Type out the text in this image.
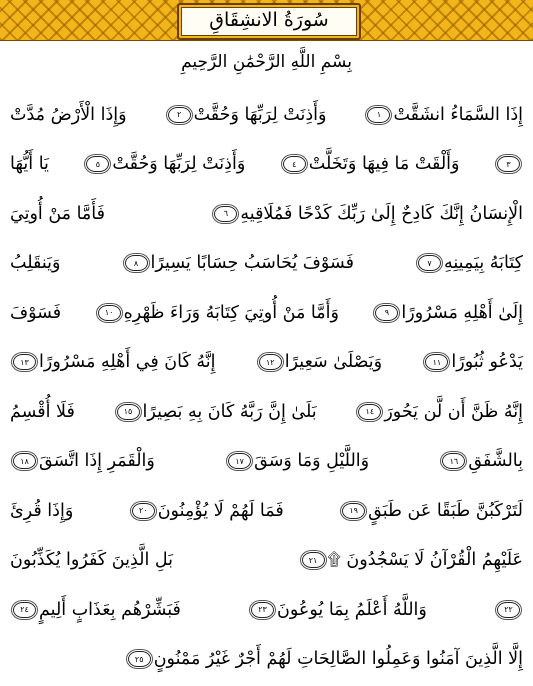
سُورَةُ الانشِقَاقِ
بِسْمِ اللَّهِ الرَّحْمَٰنِ الرَّحِيمِ
إِذَا السَّمَاءُ انشَقَّتْ١
وَأَذِنَتْ لِرَبِّهَا وَحُقَّتْ٢
وَإِذَا الْأَرْضُ مُدَّتْ
٣
وَأَلْقَتْ مَا فِيهَا وَتَخَلَّتْ٤
وَأَذِنَتْ لِرَبِّهَا وَحُقَّتْ٥
يَا أَيُّهَا
الْإِنسَانُ إِنَّكَ كَادِحٌ إِلَىٰ رَبِّكَ كَدْحًا فَمُلَاقِيهِ٦
فَأَمَّا مَنْ أُوتِيَ
كِتَابَهُ بِيَمِينِهِ٧
فَسَوْفَ يُحَاسَبُ حِسَابًا يَسِيرًا٨
وَيَنقَلِبُ
إِلَىٰ أَهْلِهِ مَسْرُورًا٩
وَأَمَّا مَنْ أُوتِيَ كِتَابَهُ وَرَاءَ ظَهْرِهِ١٠
فَسَوْفَ
يَدْعُو ثُبُورًا١١
وَيَصْلَىٰ سَعِيرًا١٢
إِنَّهُ كَانَ فِي أَهْلِهِ مَسْرُورًا١٣
إِنَّهُ ظَنَّ أَن لَّن يَحُورَ١٤
بَلَىٰ إِنَّ رَبَّهُ كَانَ بِهِ بَصِيرًا١٥
فَلَا أُقْسِمُ
بِالشَّفَقِ١٦
وَاللَّيْلِ وَمَا وَسَقَ١٧
وَالْقَمَرِ إِذَا اتَّسَقَ١٨
لَتَرْكَبُنَّ طَبَقًا عَن طَبَقٍ١٩
فَمَا لَهُمْ لَا يُؤْمِنُونَ٢٠
وَإِذَا قُرِئَ
عَلَيْهِمُ الْقُرْآنُ لَا يَسْجُدُونَ ۩٢١
بَلِ الَّذِينَ كَفَرُوا يُكَذِّبُونَ
٢٢
وَاللَّهُ أَعْلَمُ بِمَا يُوعُونَ٢٣
فَبَشِّرْهُم بِعَذَابٍ أَلِيمٍ٢٤
إِلَّا الَّذِينَ آمَنُوا وَعَمِلُوا الصَّالِحَاتِ لَهُمْ أَجْرٌ غَيْرُ مَمْنُونٍ٢٥
